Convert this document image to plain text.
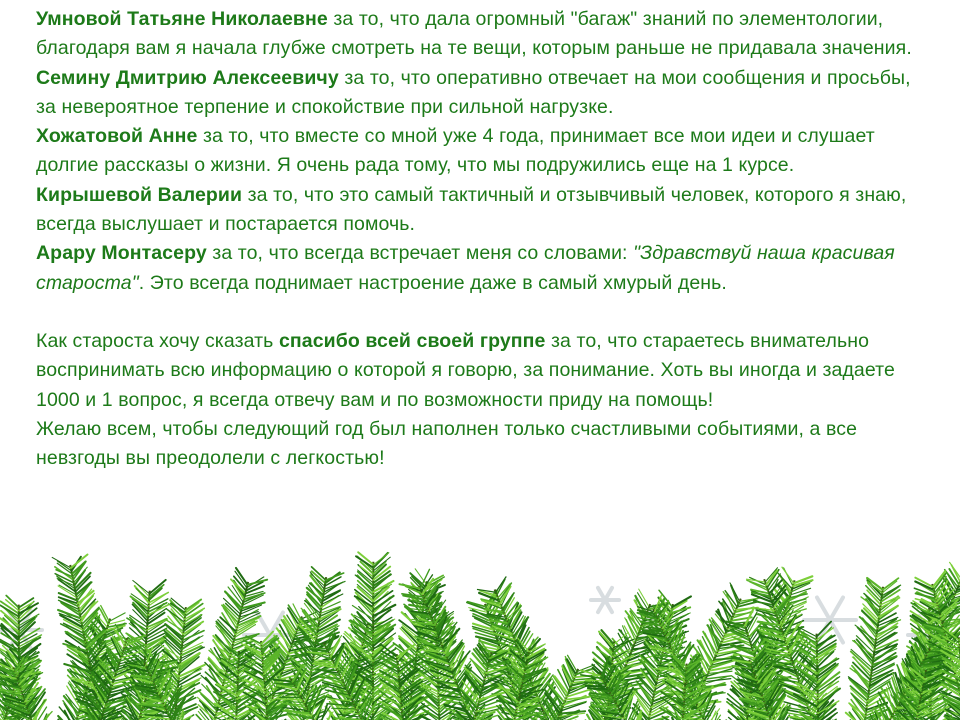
Умновой Татьяне Николаевне за то, что дала огромный "багаж" знаний по элементологии, благодаря вам я начала глубже смотреть на те вещи, которым раньше не придавала значения.

Семину Дмитрию Алексеевичу за то, что оперативно отвечает на мои сообщения и просьбы, за невероятное терпение и спокойствие при сильной нагрузке.

Хожатовой Анне за то, что вместе со мной уже 4 года, принимает все мои идеи и слушает долгие рассказы о жизни. Я очень рада тому, что мы подружились еще на 1 курсе.

Кирышевой Валерии за то, что это самый тактичный и отзывчивый человек, которого я знаю, всегда выслушает и постарается помочь.

Арару Монтасеру за то, что всегда встречает меня со словами: "Здравствуй наша красивая староста". Это всегда поднимает настроение даже в самый хмурый день.

Как староста хочу сказать спасибо всей своей группе за то, что стараетесь внимательно воспринимать всю информацию о которой я говорю, за понимание. Хоть вы иногда и задаете 1000 и 1 вопрос, я всегда отвечу вам и по возможности приду на помощь!

Желаю всем, чтобы следующий год был наполнен только счастливыми событиями, а все невзгоды вы преодолели с легкостью!
